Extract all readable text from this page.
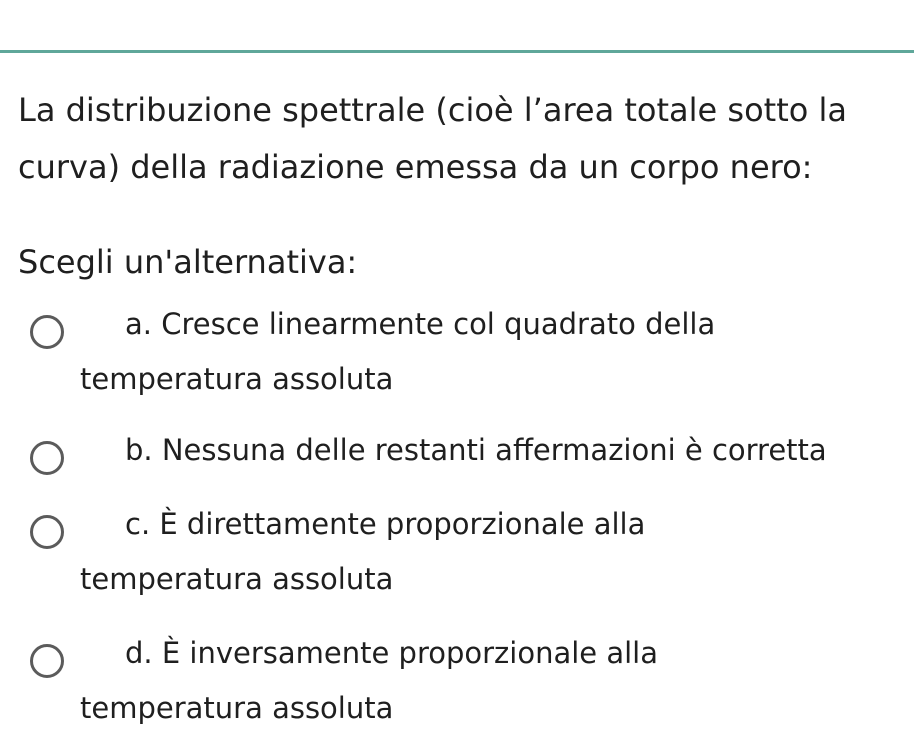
La distribuzione spettrale (cioè l’area totale sotto la curva) della radiazione emessa da un corpo nero:

Scegli un'alternativa:

a. Cresce linearmente col quadrato della
temperatura assoluta
b. Nessuna delle restanti affermazioni è corretta
c. È direttamente proporzionale alla
temperatura assoluta
d. È inversamente proporzionale alla
temperatura assoluta
